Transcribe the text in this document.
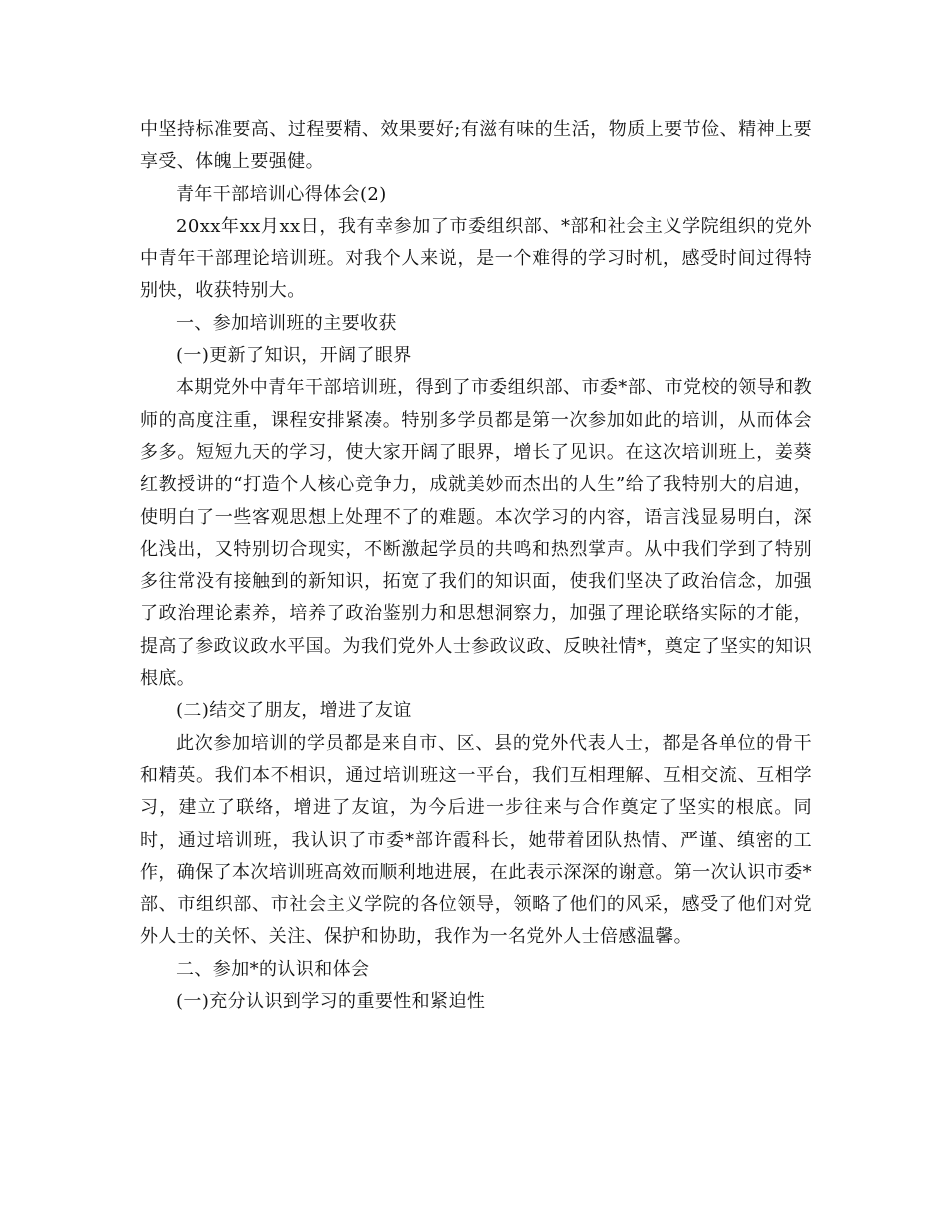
中坚持标准要高、过程要精、效果要好;有滋有味的生活，物质上要节俭、精神上要享受、体魄上要强健。

青年干部培训心得体会(2)

20xx年xx月xx日，我有幸参加了市委组织部、*部和社会主义学院组织的党外中青年干部理论培训班。对我个人来说，是一个难得的学习时机，感受时间过得特别快，收获特别大。

一、参加培训班的主要收获

(一)更新了知识，开阔了眼界

本期党外中青年干部培训班，得到了市委组织部、市委*部、市党校的领导和教师的高度注重，课程安排紧凑。特别多学员都是第一次参加如此的培训，从而体会多多。短短九天的学习，使大家开阔了眼界，增长了见识。在这次培训班上，姜葵红教授讲的“打造个人核心竞争力，成就美妙而杰出的人生”给了我特别大的启迪，使明白了一些客观思想上处理不了的难题。本次学习的内容，语言浅显易明白，深化浅出，又特别切合现实，不断激起学员的共鸣和热烈掌声。从中我们学到了特别多往常没有接触到的新知识，拓宽了我们的知识面，使我们坚决了政治信念，加强了政治理论素养，培养了政治鉴别力和思想洞察力，加强了理论联络实际的才能，提高了参政议政水平国。为我们党外人士参政议政、反映社情*，奠定了坚实的知识根底。

(二)结交了朋友，增进了友谊

此次参加培训的学员都是来自市、区、县的党外代表人士，都是各单位的骨干和精英。我们本不相识，通过培训班这一平台，我们互相理解、互相交流、互相学习，建立了联络，增进了友谊，为今后进一步往来与合作奠定了坚实的根底。同时，通过培训班，我认识了市委*部许霞科长，她带着团队热情、严谨、缜密的工作，确保了本次培训班高效而顺利地进展，在此表示深深的谢意。第一次认识市委*部、市组织部、市社会主义学院的各位领导，领略了他们的风采，感受了他们对党外人士的关怀、关注、保护和协助，我作为一名党外人士倍感温馨。

二、参加*的认识和体会

(一)充分认识到学习的重要性和紧迫性
